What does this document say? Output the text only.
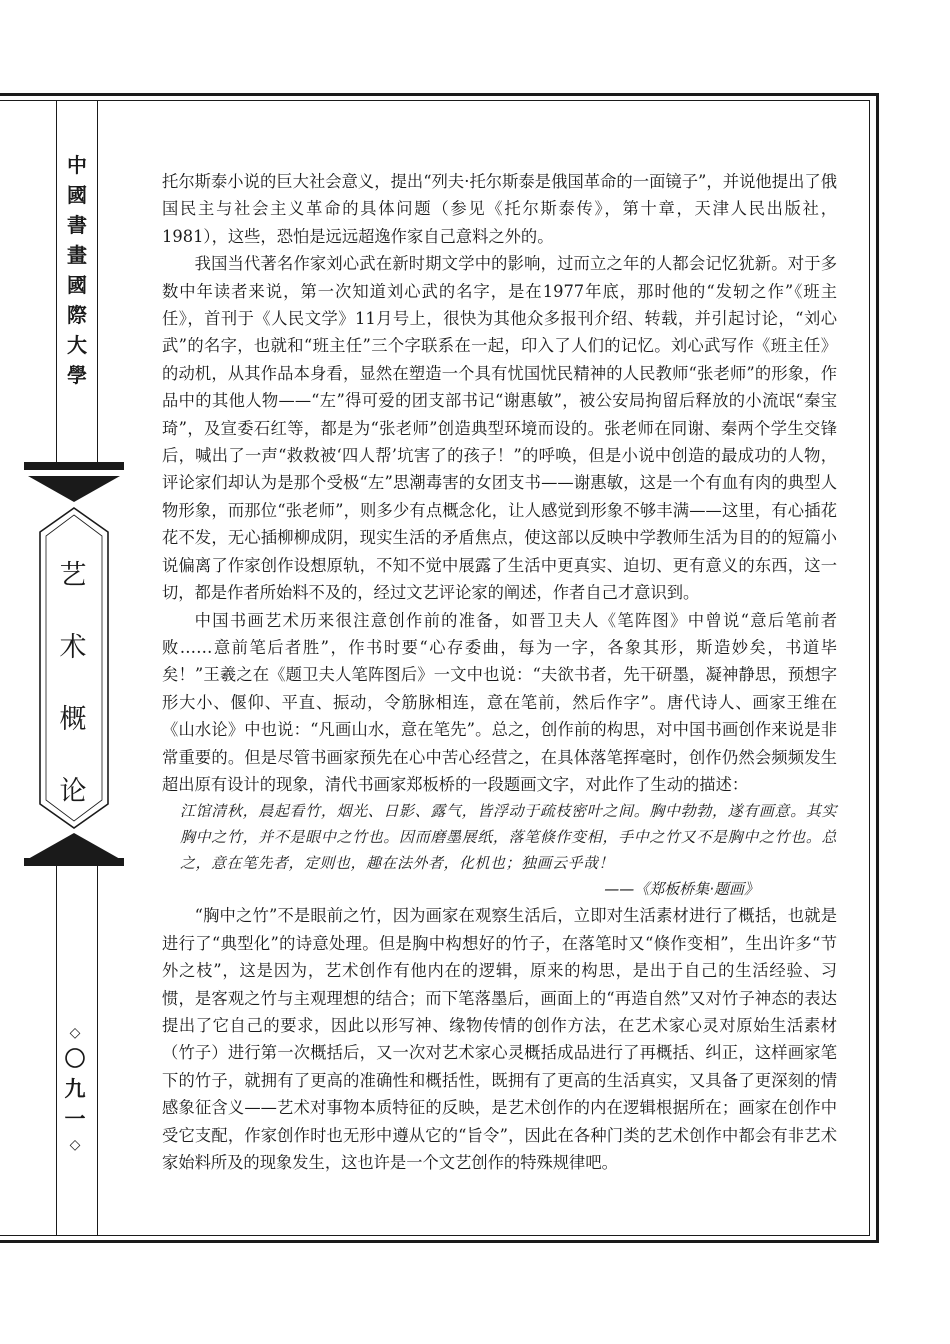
中
國
書
畫
國
際
大
學
艺
术
概
论
◇
〇
九
一
◇

托尔斯泰小说的巨大社会意义，提出“列夫·托尔斯泰是俄国革命的一面镜子”，并说他提出了俄国民主与社会主义革命的具体问题（参见《托尔斯泰传》，第十章，天津人民出版社，1981），这些，恐怕是远远超逸作家自己意料之外的。

我国当代著名作家刘心武在新时期文学中的影响，过而立之年的人都会记忆犹新。对于多数中年读者来说，第一次知道刘心武的名字，是在1977年底，那时他的“发轫之作”《班主任》，首刊于《人民文学》11月号上，很快为其他众多报刊介绍、转载，并引起讨论，“刘心武”的名字，也就和“班主任”三个字联系在一起，印入了人们的记忆。刘心武写作《班主任》的动机，从其作品本身看，显然在塑造一个具有忧国忧民精神的人民教师“张老师”的形象，作品中的其他人物——“左”得可爱的团支部书记“谢惠敏”，被公安局拘留后释放的小流氓“秦宝琦”，及宣委石红等，都是为“张老师”创造典型环境而设的。张老师在同谢、秦两个学生交锋后，喊出了一声“救救被‘四人帮’坑害了的孩子！”的呼唤，但是小说中创造的最成功的人物，评论家们却认为是那个受极“左”思潮毒害的女团支书——谢惠敏，这是一个有血有肉的典型人物形象，而那位“张老师”，则多少有点概念化，让人感觉到形象不够丰满——这里，有心插花花不发，无心插柳柳成阴，现实生活的矛盾焦点，使这部以反映中学教师生活为目的的短篇小说偏离了作家创作设想原轨，不知不觉中展露了生活中更真实、迫切、更有意义的东西，这一切，都是作者所始料不及的，经过文艺评论家的阐述，作者自己才意识到。

中国书画艺术历来很注意创作前的准备，如晋卫夫人《笔阵图》中曾说“意后笔前者败……意前笔后者胜”，作书时要“心存委曲，每为一字，各象其形，斯造妙矣，书道毕矣！”王羲之在《题卫夫人笔阵图后》一文中也说：“夫欲书者，先干研墨，凝神静思，预想字形大小、偃仰、平直、振动，令筋脉相连，意在笔前，然后作字”。唐代诗人、画家王维在《山水论》中也说：“凡画山水，意在笔先”。总之，创作前的构思，对中国书画创作来说是非常重要的。但是尽管书画家预先在心中苦心经营之，在具体落笔挥毫时，创作仍然会频频发生超出原有设计的现象，清代书画家郑板桥的一段题画文字，对此作了生动的描述：

江馆清秋，晨起看竹，烟光、日影、露气，皆浮动于疏枝密叶之间。胸中勃勃，遂有画意。其实胸中之竹，并不是眼中之竹也。因而磨墨展纸，落笔倏作变相，手中之竹又不是胸中之竹也。总之，意在笔先者，定则也，趣在法外者，化机也；独画云乎哉！

——《郑板桥集·题画》

“胸中之竹”不是眼前之竹，因为画家在观察生活后，立即对生活素材进行了概括，也就是进行了“典型化”的诗意处理。但是胸中构想好的竹子，在落笔时又“倏作变相”，生出许多“节外之枝”，这是因为，艺术创作有他内在的逻辑，原来的构思，是出于自己的生活经验、习惯，是客观之竹与主观理想的结合；而下笔落墨后，画面上的“再造自然”又对竹子神态的表达提出了它自己的要求，因此以形写神、缘物传情的创作方法，在艺术家心灵对原始生活素材（竹子）进行第一次概括后，又一次对艺术家心灵概括成品进行了再概括、纠正，这样画家笔下的竹子，就拥有了更高的准确性和概括性，既拥有了更高的生活真实，又具备了更深刻的情感象征含义——艺术对事物本质特征的反映，是艺术创作的内在逻辑根据所在；画家在创作中受它支配，作家创作时也无形中遵从它的“旨令”，因此在各种门类的艺术创作中都会有非艺术家始料所及的现象发生，这也许是一个文艺创作的特殊规律吧。
